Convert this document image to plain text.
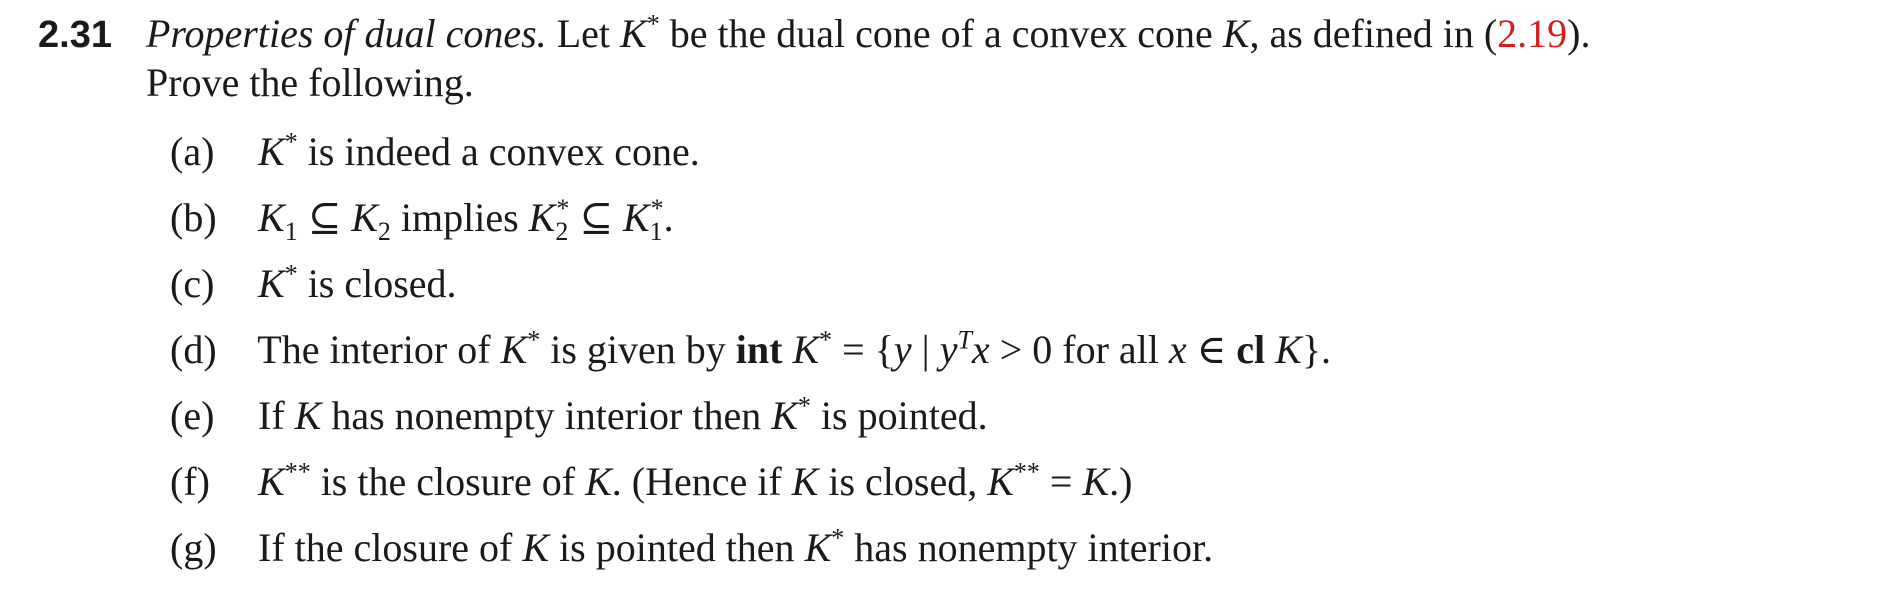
2.31 Properties of dual cones. Let K* be the dual cone of a convex cone K, as defined in (2.19).
Prove the following.
(a) K* is indeed a convex cone.
(b) $K_1$ ⊆ $K_2$ implies $K_2^*$ ⊆ $K_1^*$.
(c) K* is closed.
(d) The interior of K* is given by int K* = {y | $y^Tx > 0$ for all x ∈ cl K}.
(e) If K has nonempty interior then K* is pointed.
(f) K** is the closure of K. (Hence if K is closed, K** = K.)
(g) If the closure of K is pointed then K* has nonempty interior.
